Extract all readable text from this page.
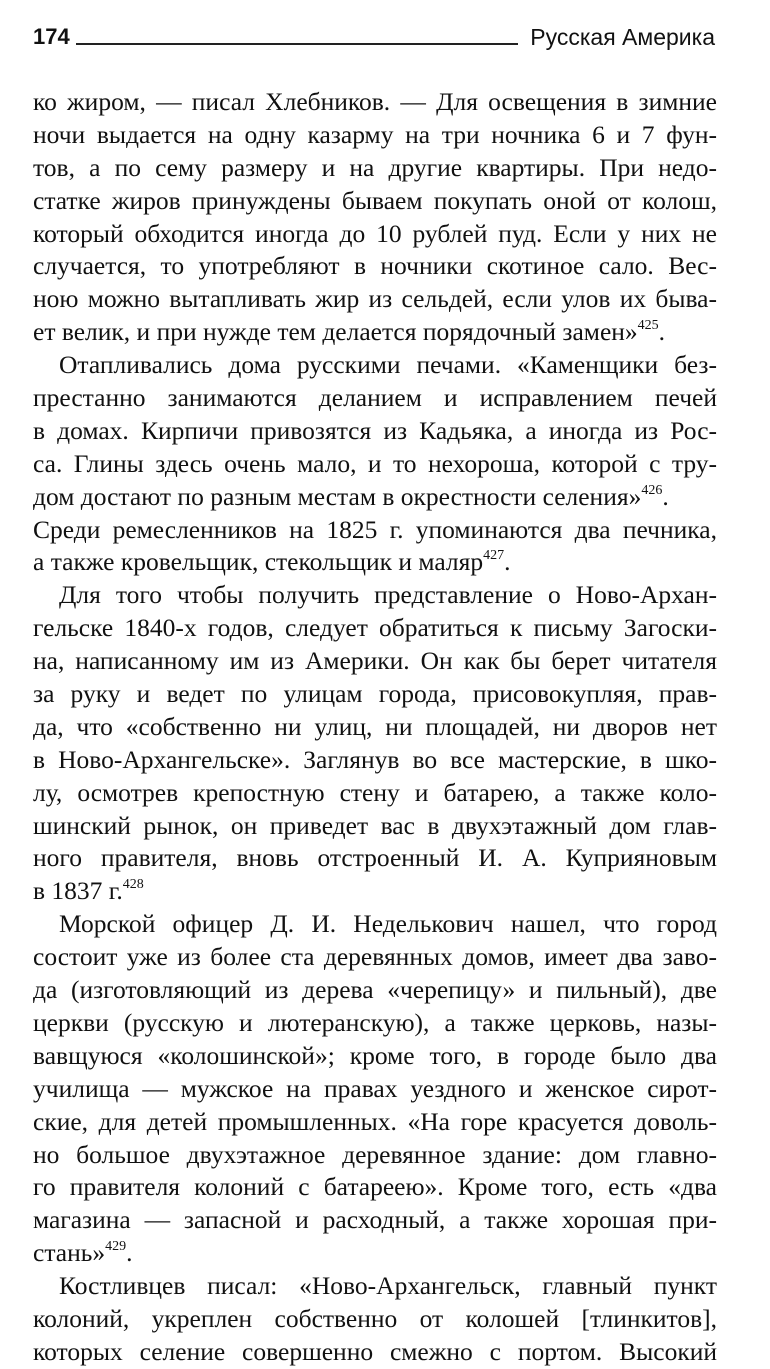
174	Русская Америка
ко жиром, — писал Хлебников. — Для освещения в зимние
ночи выдается на одну казарму на три ночника 6 и 7 фун-
тов, а по сему размеру и на другие квартиры. При недо-
статке жиров принуждены бываем покупать оной от колош,
который обходится иногда до 10 рублей пуд. Если у них не
случается, то употребляют в ночники скотиное сало. Вес-
ною можно вытапливать жир из сельдей, если улов их быва-
ет велик, и при нужде тем делается порядочный замен»$^{425}$.
Отапливались дома русскими печами. «Каменщики без-
престанно занимаются деланием и исправлением печей
в домах. Кирпичи привозятся из Кадьяка, а иногда из Рос-
са. Глины здесь очень мало, и то нехороша, которой с тру-
дом достают по разным местам в окрестности селения»$^{426}$.
Среди ремесленников на 1825 г. упоминаются два печника,
а также кровельщик, стекольщик и маляр$^{427}$.
Для того чтобы получить представление о Ново-Архан-
гельске 1840-х годов, следует обратиться к письму Загоски-
на, написанному им из Америки. Он как бы берет читателя
за руку и ведет по улицам города, присовокупляя, прав-
да, что «собственно ни улиц, ни площадей, ни дворов нет
в Ново-Архангельске». Заглянув во все мастерские, в шко-
лу, осмотрев крепостную стену и батарею, а также коло-
шинский рынок, он приведет вас в двухэтажный дом глав-
ного правителя, вновь отстроенный И. А. Куприяновым
в 1837 г.$^{428}$
Морской офицер Д. И. Неделькович нашел, что город
состоит уже из более ста деревянных домов, имеет два заво-
да (изготовляющий из дерева «черепицу» и пильный), две
церкви (русскую и лютеранскую), а также церковь, назы-
вавщуюся «колошинской»; кроме того, в городе было два
училища — мужское на правах уездного и женское сирот-
ские, для детей промышленных. «На горе красуется доволь-
но большое двухэтажное деревянное здание: дом главно-
го правителя колоний с батареею». Кроме того, есть «два
магазина — запасной и расходный, а также хорошая при-
стань»$^{429}$.
Костливцев писал: «Ново-Архангельск, главный пункт
колоний, укреплен собственно от колошей [тлинкитов],
которых селение совершенно смежно с портом. Высокий
